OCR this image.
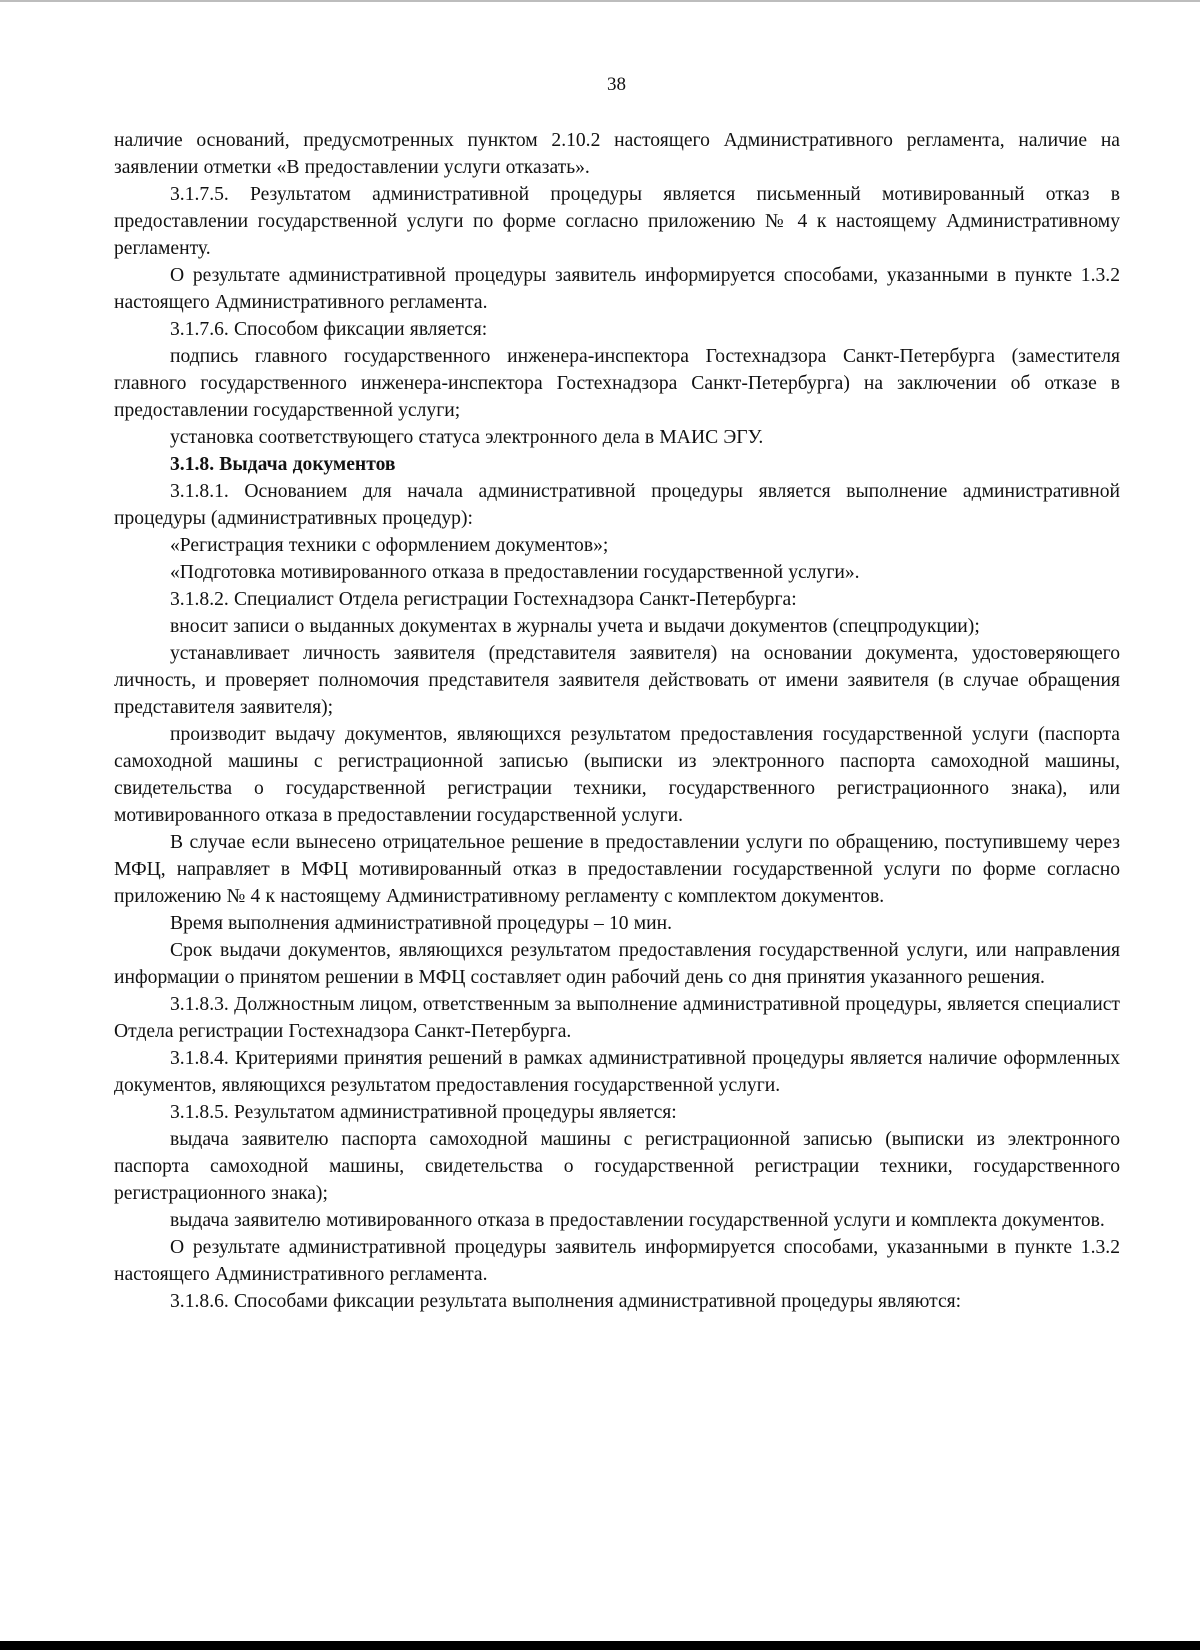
38

наличие оснований, предусмотренных пунктом 2.10.2 настоящего Административного регламента, наличие на заявлении отметки «В предоставлении услуги отказать».

3.1.7.5. Результатом административной процедуры является письменный мотивированный отказ в предоставлении государственной услуги по форме согласно приложению № 4 к настоящему Административному регламенту.

О результате административной процедуры заявитель информируется способами, указанными в пункте 1.3.2 настоящего Административного регламента.

3.1.7.6. Способом фиксации является:

подпись главного государственного инженера-инспектора Гостехнадзора Санкт-Петербурга (заместителя главного государственного инженера-инспектора Гостехнадзора Санкт-Петербурга) на заключении об отказе в предоставлении государственной услуги;

установка соответствующего статуса электронного дела в МАИС ЭГУ.

3.1.8. Выдача документов

3.1.8.1. Основанием для начала административной процедуры является выполнение административной процедуры (административных процедур):

«Регистрация техники с оформлением документов»;

«Подготовка мотивированного отказа в предоставлении государственной услуги».

3.1.8.2. Специалист Отдела регистрации Гостехнадзора Санкт-Петербурга:

вносит записи о выданных документах в журналы учета и выдачи документов (спецпродукции);

устанавливает личность заявителя (представителя заявителя) на основании документа, удостоверяющего личность, и проверяет полномочия представителя заявителя действовать от имени заявителя (в случае обращения представителя заявителя);

производит выдачу документов, являющихся результатом предоставления государственной услуги (паспорта самоходной машины с регистрационной записью (выписки из электронного паспорта самоходной машины, свидетельства о государственной регистрации техники, государственного регистрационного знака), или мотивированного отказа в предоставлении государственной услуги.

В случае если вынесено отрицательное решение в предоставлении услуги по обращению, поступившему через МФЦ, направляет в МФЦ мотивированный отказ в предоставлении государственной услуги по форме согласно приложению № 4 к настоящему Административному регламенту с комплектом документов.

Время выполнения административной процедуры – 10 мин.

Срок выдачи документов, являющихся результатом предоставления государственной услуги, или направления информации о принятом решении в МФЦ составляет один рабочий день со дня принятия указанного решения.

3.1.8.3. Должностным лицом, ответственным за выполнение административной процедуры, является специалист Отдела регистрации Гостехнадзора Санкт-Петербурга.

3.1.8.4. Критериями принятия решений в рамках административной процедуры является наличие оформленных документов, являющихся результатом предоставления государственной услуги.

3.1.8.5. Результатом административной процедуры является:

выдача заявителю паспорта самоходной машины с регистрационной записью (выписки из электронного паспорта самоходной машины, свидетельства о государственной регистрации техники, государственного регистрационного знака);

выдача заявителю мотивированного отказа в предоставлении государственной услуги и комплекта документов.

О результате административной процедуры заявитель информируется способами, указанными в пункте 1.3.2 настоящего Административного регламента.

3.1.8.6. Способами фиксации результата выполнения административной процедуры являются:
